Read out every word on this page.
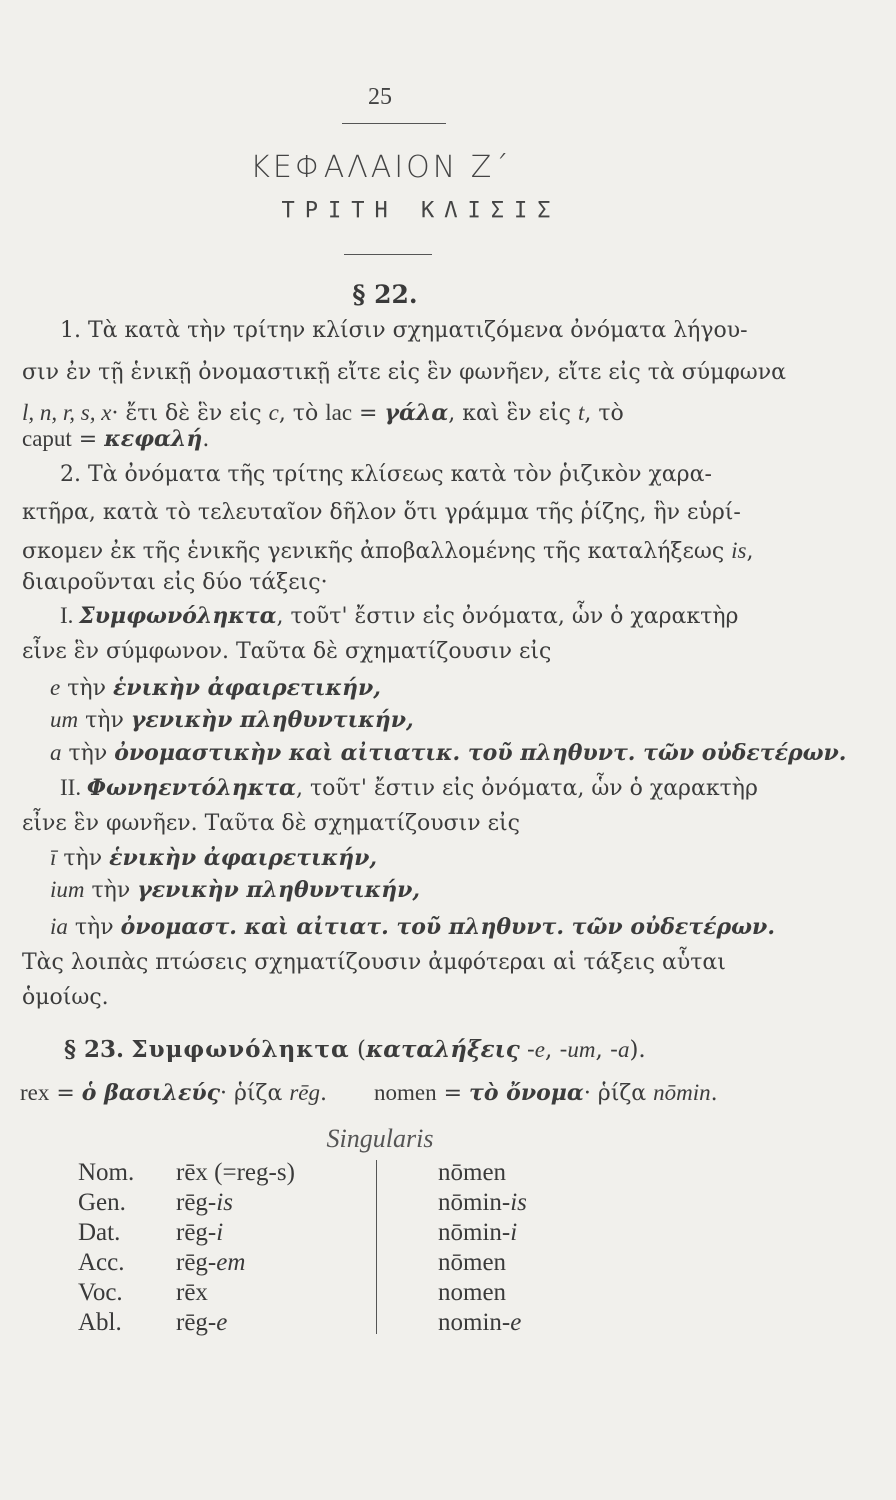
25
ΚΕΦΑΛΑΙΟΝ Ζ΄
ΤΡΙΤΗ ΚΛΙΣΙΣ
§ 22.
1. Τὰ κατὰ τὴν τρίτην κλίσιν σχηματιζόμενα ὀνόματα λήγου-
σιν ἐν τῇ ἑνικῇ ὀνομαστικῇ εἴτε εἰς ἓν φωνῆεν, εἴτε εἰς τὰ σύμφωνα
l, n, r, s, x· ἔτι δὲ ἓν εἰς c, τὸ lac = γάλα, καὶ ἓν εἰς t, τὸ
caput = κεφαλή.
2. Τὰ ὀνόματα τῆς τρίτης κλίσεως κατὰ τὸν ῥιζικὸν χαρα-
κτῆρα, κατὰ τὸ τελευταῖον δῆλον ὅτι γράμμα τῆς ῥίζης, ἣν εὑρί-
σκομεν ἐκ τῆς ἑνικῆς γενικῆς ἀποβαλλομένης τῆς καταλήξεως is,
διαιροῦνται εἰς δύο τάξεις·
I. Συμφωνόληκτα, τοῦτ' ἔστιν εἰς ὀνόματα, ὧν ὁ χαρακτὴρ
εἶνε ἓν σύμφωνον. Ταῦτα δὲ σχηματίζουσιν εἰς
e τὴν ἑνικὴν ἀφαιρετικήν,
um τὴν γενικὴν πληθυντικήν,
a τὴν ὀνομαστικὴν καὶ αἰτιατικ. τοῦ πληθυντ. τῶν οὐδετέρων.
II. Φωνηεντόληκτα, τοῦτ' ἔστιν εἰς ὀνόματα, ὧν ὁ χαρακτὴρ
εἶνε ἓν φωνῆεν. Ταῦτα δὲ σχηματίζουσιν εἰς
ī τὴν ἑνικὴν ἀφαιρετικήν,
ium τὴν γενικὴν πληθυντικήν,
ia τὴν ὀνομαστ. καὶ αἰτιατ. τοῦ πληθυντ. τῶν οὐδετέρων.
Τὰς λοιπὰς πτώσεις σχηματίζουσιν ἀμφότεραι αἱ τάξεις αὗται
ὁμοίως.
§ 23. Συμφωνόληκτα (καταλήξεις -e, -um, -a).
rex = ὁ βασιλεύς· ῥίζα rēg.	nomen = τὸ ὄνομα· ῥίζα nōmin.
Singularis
Nom.
Gen.
Dat.
Acc.
Voc.
Abl.
rēx (=reg-s)
rēg-is
rēg-i
rēg-em
rēx
rēg-e
nōmen
nōmin-is
nōmin-i
nōmen
nomen
nomin-e
